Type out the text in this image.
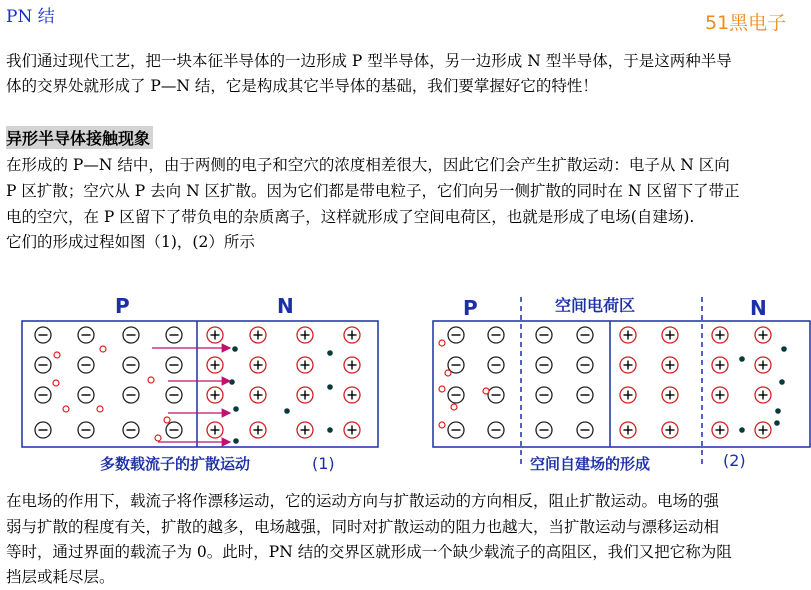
PN 结	51黑电子
我们通过现代工艺，把一块本征半导体的一边形成 P 型半导体，另一边形成 N 型半导体，于是这两种半导
体的交界处就形成了 P—N 结，它是构成其它半导体的基础，我们要掌握好它的特性！
异形半导体接触现象
在形成的 P—N 结中，由于两侧的电子和空穴的浓度相差很大，因此它们会产生扩散运动：电子从 N 区向
P 区扩散；空穴从 P 去向 N 区扩散。因为它们都是带电粒子，它们向另一侧扩散的同时在 N 区留下了带正
电的空穴，在 P 区留下了带负电的杂质离子，这样就形成了空间电荷区，也就是形成了电场(自建场).
它们的形成过程如图（1)，(2）所示
P	N
多数载流子的扩散运动	(1)
P	空间电荷区	N
空间自建场的形成	(2)
在电场的作用下，载流子将作漂移运动，它的运动方向与扩散运动的方向相反，阻止扩散运动。电场的强
弱与扩散的程度有关，扩散的越多，电场越强，同时对扩散运动的阻力也越大，当扩散运动与漂移运动相
等时，通过界面的载流子为 0。此时，PN 结的交界区就形成一个缺少载流子的高阻区，我们又把它称为阻
挡层或耗尽层。
